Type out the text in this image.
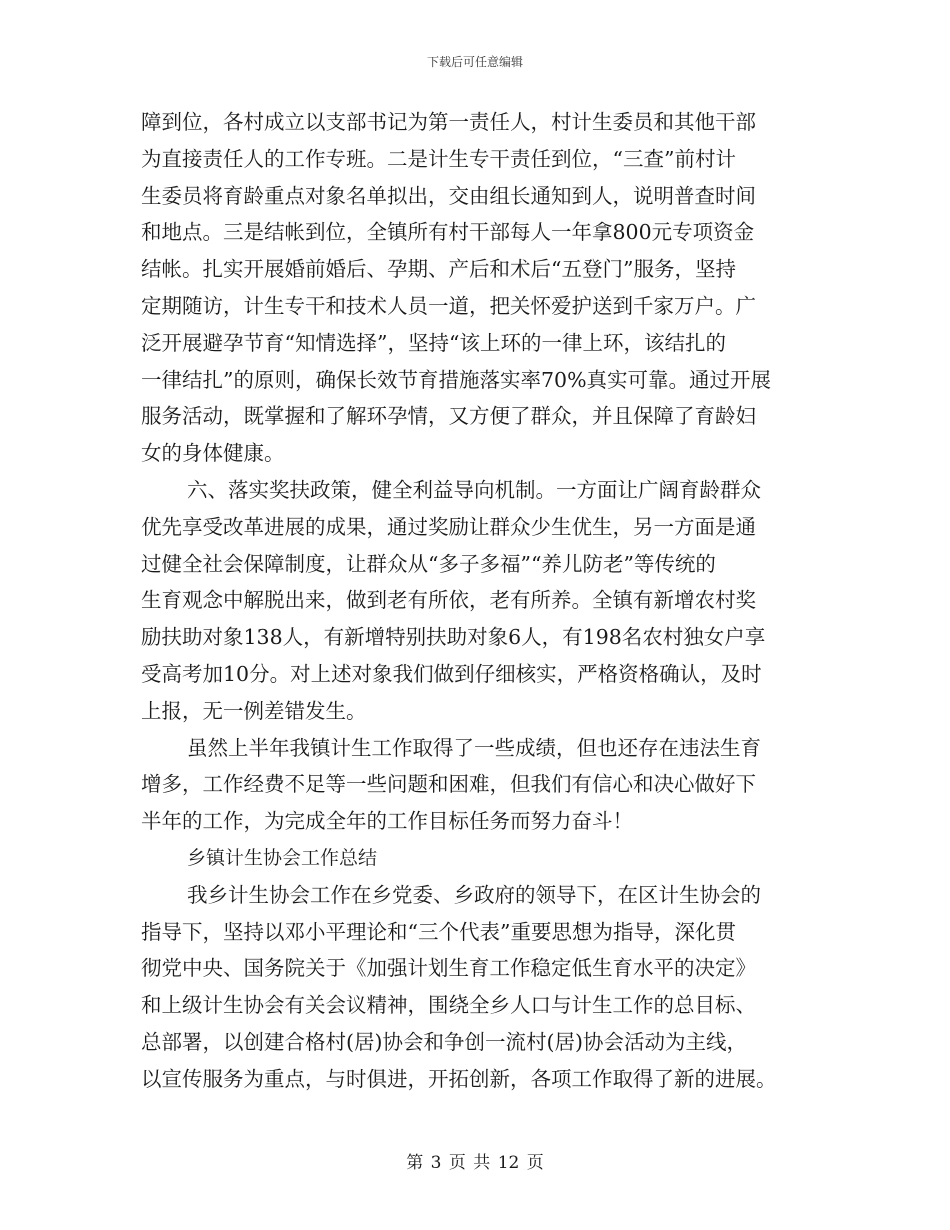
下载后可任意编辑
障到位，各村成立以支部书记为第一责任人，村计生委员和其他干部
为直接责任人的工作专班。二是计生专干责任到位，“三查”前村计
生委员将育龄重点对象名单拟出，交由组长通知到人，说明普查时间
和地点。三是结帐到位，全镇所有村干部每人一年拿800元专项资金
结帐。扎实开展婚前婚后、孕期、产后和术后“五登门”服务，坚持
定期随访，计生专干和技术人员一道，把关怀爱护送到千家万户。广
泛开展避孕节育“知情选择”，坚持“该上环的一律上环，该结扎的
一律结扎”的原则，确保长效节育措施落实率70%真实可靠。通过开展
服务活动，既掌握和了解环孕情，又方便了群众，并且保障了育龄妇
女的身体健康。
六、落实奖扶政策，健全利益导向机制。一方面让广阔育龄群众
优先享受改革进展的成果，通过奖励让群众少生优生，另一方面是通
过健全社会保障制度，让群众从“多子多福”“养儿防老”等传统的
生育观念中解脱出来，做到老有所依，老有所养。全镇有新增农村奖
励扶助对象138人，有新增特别扶助对象6人，有198名农村独女户享
受高考加10分。对上述对象我们做到仔细核实，严格资格确认，及时
上报，无一例差错发生。
虽然上半年我镇计生工作取得了一些成绩，但也还存在违法生育
增多，工作经费不足等一些问题和困难，但我们有信心和决心做好下
半年的工作，为完成全年的工作目标任务而努力奋斗！
乡镇计生协会工作总结
我乡计生协会工作在乡党委、乡政府的领导下，在区计生协会的
指导下，坚持以邓小平理论和“三个代表”重要思想为指导，深化贯
彻党中央、国务院关于《加强计划生育工作稳定低生育水平的决定》
和上级计生协会有关会议精神，围绕全乡人口与计生工作的总目标、
总部署，以创建合格村(居)协会和争创一流村(居)协会活动为主线，
以宣传服务为重点，与时俱进，开拓创新，各项工作取得了新的进展。
第 3 页 共 12 页
